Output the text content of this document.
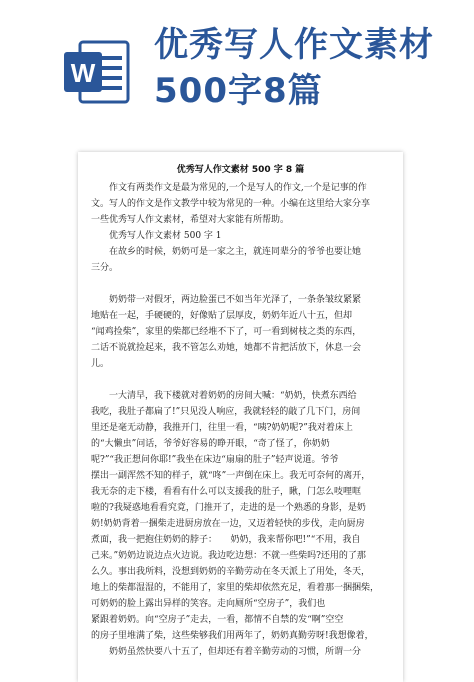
W
优秀写人作文素材
500字8篇
优秀写人作文素材 500 字 8 篇
　　作文有两类作文是最为常见的,一个是写人的作文,一个是记事的作
文。写人的作文是作文教学中较为常见的一种。小编在这里给大家分享
一些优秀写人作文素材，希望对大家能有所帮助。
　　优秀写人作文素材 500 字 1
　　在故乡的时候，奶奶可是一家之主，就连同辈分的爷爷也要让她
三分。
　　奶奶带一对假牙，两边脸蛋已不如当年光泽了，一条条皱纹紧紧
地贴在一起，手硬硬的，好像贴了层厚皮，奶奶年近八十五，但却
“闻鸡捡柴”，家里的柴都已经堆不下了，可一看到树枝之类的东西，
二话不说就捡起来，我不管怎么劝她，她都不肯把活放下，休息一会
儿。
　　一大清早，我下楼就对着奶奶的房间大喊：“奶奶，快煮东西给
我吃，我肚子都扁了!”只见没人响应，我就轻轻的敲了几下门，房间
里还是毫无动静，我推开门，往里一看，“咦?奶奶呢?”我对着床上
的“大懒虫”问话，爷爷好容易的睁开眼，“奇了怪了，你奶奶
呢?”“我正想问你耶!”我坐在床边“扇扇的肚子”轻声说道。爷爷
摆出一副浑然不知的样子，就“咚”一声倒在床上。我无可奈何的离开，
我无奈的走下楼，看看有什么可以支援我的肚子，瞅，门怎么吱哩哐
啦的?我疑惑地看看究竟，门推开了，走进的是一个熟悉的身影，是奶
奶!奶奶背着一捆柴走进厨房放在一边，又迈着轻快的步伐，走向厨房
煮面，我一把抱住奶奶的脖子：　　奶奶，我来帮你吧!”“不用，我自
己来。”奶奶边说边点火边说。我边吃边想：不就一些柴吗?还用的了那
么久。事出我所料，没想到奶奶的辛勤劳动在冬天派上了用处，冬天，
地上的柴都湿湿的，不能用了，家里的柴却依然充足，看着那一捆捆柴，
可奶奶的脸上露出异样的笑容。走向厕所“空房子”，我们也
紧跟着奶奶。向“空房子”走去，一看，都情不自禁的发“啊”空空
的房子里堆满了柴，这些柴够我们用两年了，奶奶真勤劳呀!我想像着，
　　奶奶虽然快要八十五了，但却还有着辛勤劳动的习惯，所谓一分
